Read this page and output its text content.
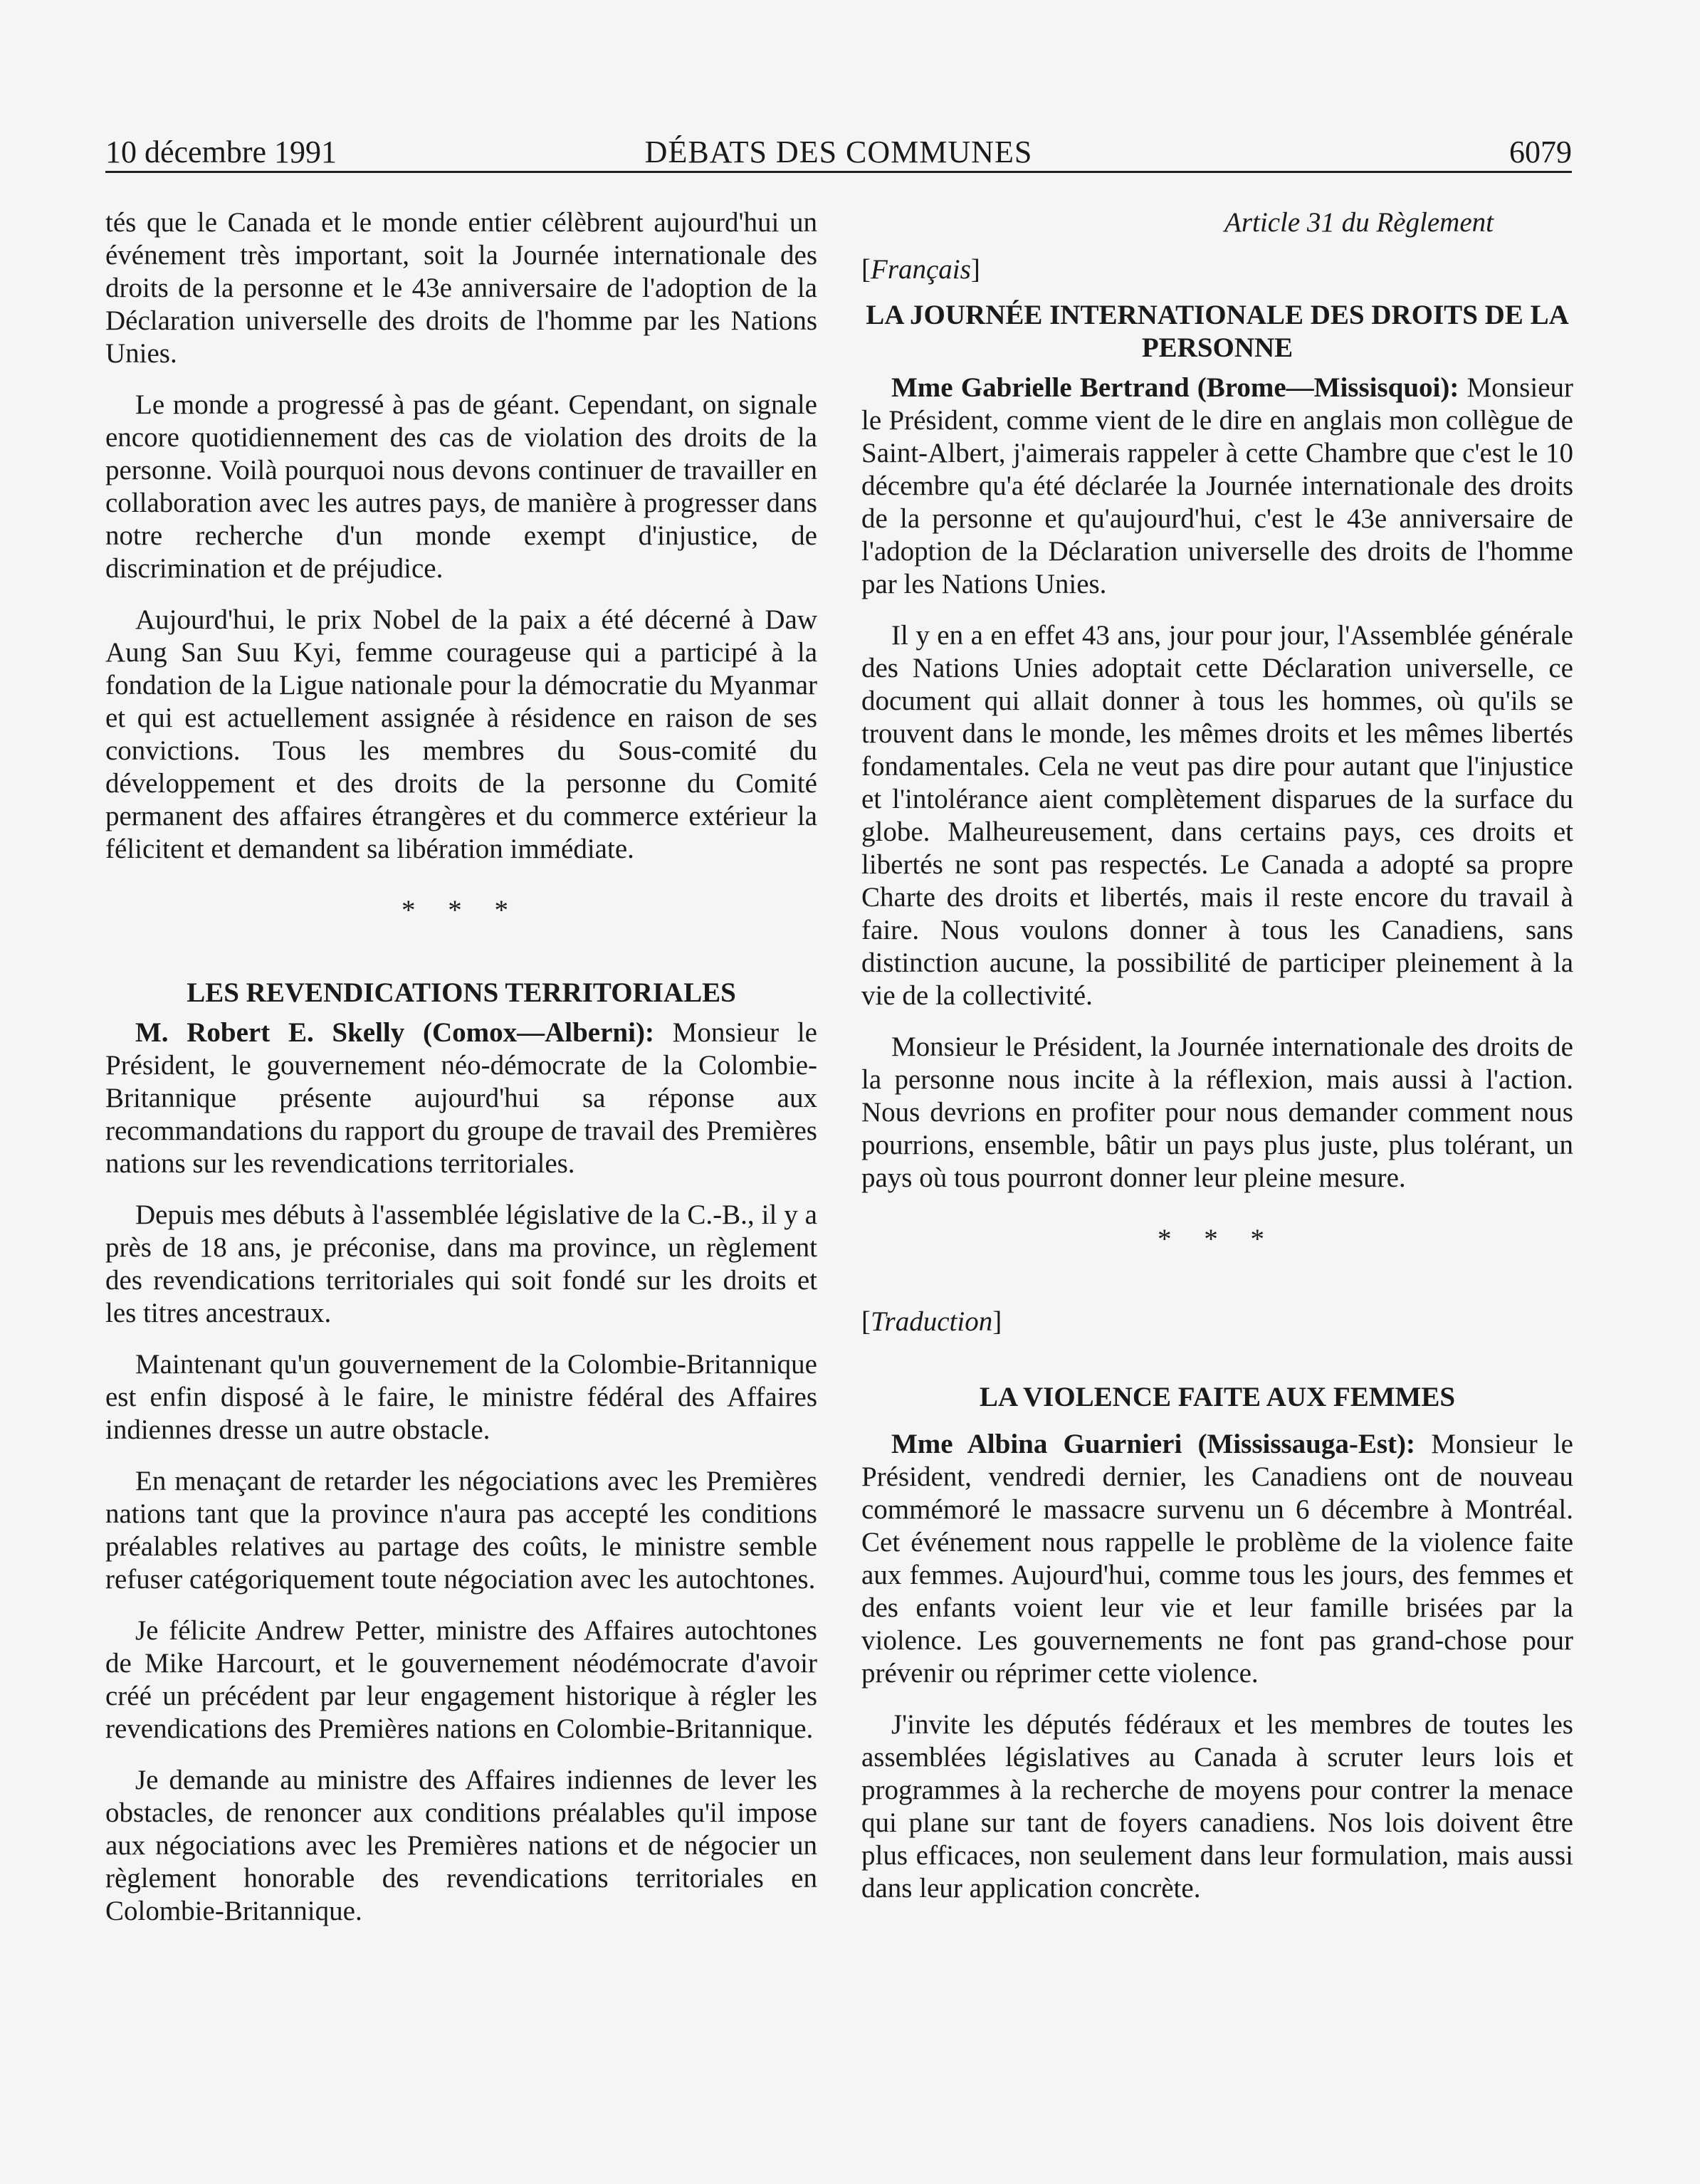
10 décembre 1991	DÉBATS DES COMMUNES	6079

tés que le Canada et le monde entier célèbrent aujourd'hui un événement très important, soit la Journée internationale des droits de la personne et le 43e anniversaire de l'adoption de la Déclaration universelle des droits de l'homme par les Nations Unies.

Le monde a progressé à pas de géant. Cependant, on signale encore quotidiennement des cas de violation des droits de la personne. Voilà pourquoi nous devons continuer de travailler en collaboration avec les autres pays, de manière à progresser dans notre recherche d'un monde exempt d'injustice, de discrimination et de préjudice.

Aujourd'hui, le prix Nobel de la paix a été décerné à Daw Aung San Suu Kyi, femme courageuse qui a participé à la fondation de la Ligue nationale pour la démocratie du Myanmar et qui est actuellement assignée à résidence en raison de ses convictions. Tous les membres du Sous-comité du développement et des droits de la personne du Comité permanent des affaires étrangères et du commerce extérieur la félicitent et demandent sa libération immédiate.

* * *
LES REVENDICATIONS TERRITORIALES

M. Robert E. Skelly (Comox—Alberni): Monsieur le Président, le gouvernement néo-démocrate de la Colombie-Britannique présente aujourd'hui sa réponse aux recommandations du rapport du groupe de travail des Premières nations sur les revendications territoriales.

Depuis mes débuts à l'assemblée législative de la C.-B., il y a près de 18 ans, je préconise, dans ma province, un règlement des revendications territoriales qui soit fondé sur les droits et les titres ancestraux.

Maintenant qu'un gouvernement de la Colombie-Britannique est enfin disposé à le faire, le ministre fédéral des Affaires indiennes dresse un autre obstacle.

En menaçant de retarder les négociations avec les Premières nations tant que la province n'aura pas accepté les conditions préalables relatives au partage des coûts, le ministre semble refuser catégoriquement toute négociation avec les autochtones.

Je félicite Andrew Petter, ministre des Affaires autochtones de Mike Harcourt, et le gouvernement néodémocrate d'avoir créé un précédent par leur engagement historique à régler les revendications des Premières nations en Colombie-Britannique.

Je demande au ministre des Affaires indiennes de lever les obstacles, de renoncer aux conditions préalables qu'il impose aux négociations avec les Premières nations et de négocier un règlement honorable des revendications territoriales en Colombie-Britannique.

Article 31 du Règlement
[Français]
LA JOURNÉE INTERNATIONALE DES DROITS DE LA PERSONNE

Mme Gabrielle Bertrand (Brome—Missisquoi): Monsieur le Président, comme vient de le dire en anglais mon collègue de Saint-Albert, j'aimerais rappeler à cette Chambre que c'est le 10 décembre qu'a été déclarée la Journée internationale des droits de la personne et qu'aujourd'hui, c'est le 43e anniversaire de l'adoption de la Déclaration universelle des droits de l'homme par les Nations Unies.

Il y en a en effet 43 ans, jour pour jour, l'Assemblée générale des Nations Unies adoptait cette Déclaration universelle, ce document qui allait donner à tous les hommes, où qu'ils se trouvent dans le monde, les mêmes droits et les mêmes libertés fondamentales. Cela ne veut pas dire pour autant que l'injustice et l'intolérance aient complètement disparues de la surface du globe. Malheureusement, dans certains pays, ces droits et libertés ne sont pas respectés. Le Canada a adopté sa propre Charte des droits et libertés, mais il reste encore du travail à faire. Nous voulons donner à tous les Canadiens, sans distinction aucune, la possibilité de participer pleinement à la vie de la collectivité.

Monsieur le Président, la Journée internationale des droits de la personne nous incite à la réflexion, mais aussi à l'action. Nous devrions en profiter pour nous demander comment nous pourrions, ensemble, bâtir un pays plus juste, plus tolérant, un pays où tous pourront donner leur pleine mesure.

* * *
[Traduction]
LA VIOLENCE FAITE AUX FEMMES

Mme Albina Guarnieri (Mississauga-Est): Monsieur le Président, vendredi dernier, les Canadiens ont de nouveau commémoré le massacre survenu un 6 décembre à Montréal. Cet événement nous rappelle le problème de la violence faite aux femmes. Aujourd'hui, comme tous les jours, des femmes et des enfants voient leur vie et leur famille brisées par la violence. Les gouvernements ne font pas grand-chose pour prévenir ou réprimer cette violence.

J'invite les députés fédéraux et les membres de toutes les assemblées législatives au Canada à scruter leurs lois et programmes à la recherche de moyens pour contrer la menace qui plane sur tant de foyers canadiens. Nos lois doivent être plus efficaces, non seulement dans leur formulation, mais aussi dans leur application concrète.
